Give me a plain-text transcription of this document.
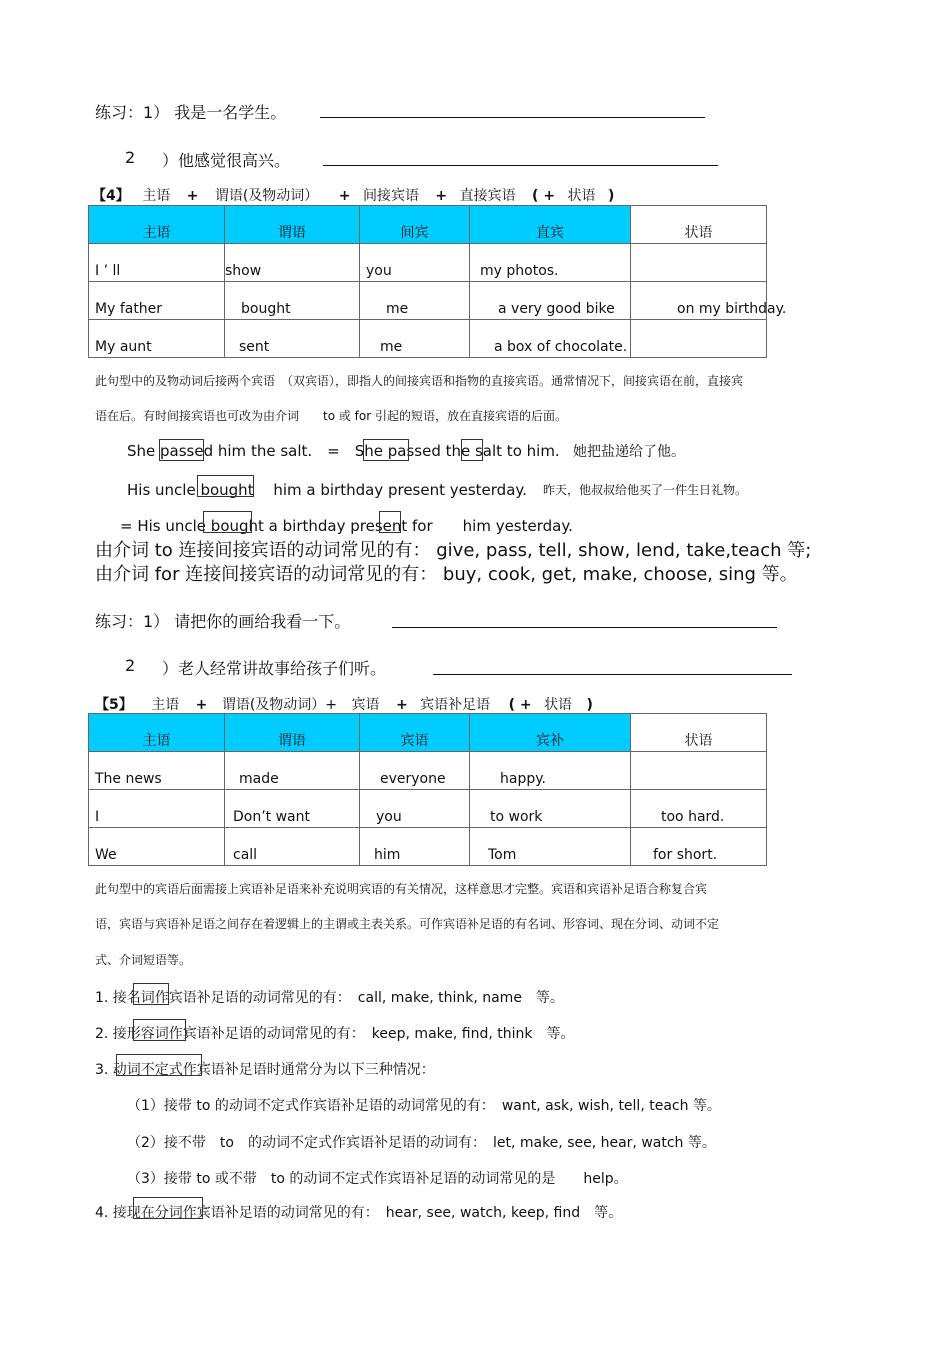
练习：1） 我是一名学生。
2 ）他感觉很高兴。
【4】 主语 + 谓语(及物动词） + 间接宾语 + 直接宾语 ( + 状语 )
主语	谓语	间宾	直宾	状语
I ’ ll	show	you	my photos.	
My father	bought	me	a very good bike	on my birthday.
My aunt	sent	me	a box of chocolate.	
此句型中的及物动词后接两个宾语　（双宾语），即指人的间接宾语和指物的直接宾语。通常情况下，间接宾语在前，直接宾
语在后。有时间接宾语也可改为由介词　　to 或 for 引起的短语，放在直接宾语的后面。
She passed him the salt.　=　She passed the salt to him. 她把盐递给了他。
His uncle bought　 him a birthday present yesterday. 昨天，他叔叔给他买了一件生日礼物。
= His uncle bought a birthday present for　　him yesterday.
由介词 to 连接间接宾语的动词常见的有： give, pass, tell, show, lend, take,teach 等;
由介词 for 连接间接宾语的动词常见的有： buy, cook, get, make, choose, sing 等。
练习：1） 请把你的画给我看一下。
2 ）老人经常讲故事给孩子们听。
【5】 主语 + 谓语(及物动词）+ 宾语 + 宾语补足语 ( + 状语 )
主语	谓语	宾语	宾补	状语
The news	made	everyone	happy.	
I	Don’t want	you	to work	too hard.
We	call	him	Tom	for short.
此句型中的宾语后面需接上宾语补足语来补充说明宾语的有关情况，这样意思才完整。宾语和宾语补足语合称复合宾
语，宾语与宾语补足语之间存在着逻辑上的主谓或主表关系。可作宾语补足语的有名词、形容词、现在分词、动词不定
式、介词短语等。
1. 接名词作宾语补足语的动词常见的有：　call, make, think, name　等。
2. 接形容词作宾语补足语的动词常见的有：　keep, make, find, think　等。
3. 动词不定式作宾语补足语时通常分为以下三种情况：
（1）接带 to 的动词不定式作宾语补足语的动词常见的有：　want, ask, wish, tell, teach 等。
（2）接不带　to　的动词不定式作宾语补足语的动词有：　let, make, see, hear, watch 等。
（3）接带 to 或不带　to 的动词不定式作宾语补足语的动词常见的是　　help。
4. 接现在分词作宾语补足语的动词常见的有：　hear, see, watch, keep, find　等。
